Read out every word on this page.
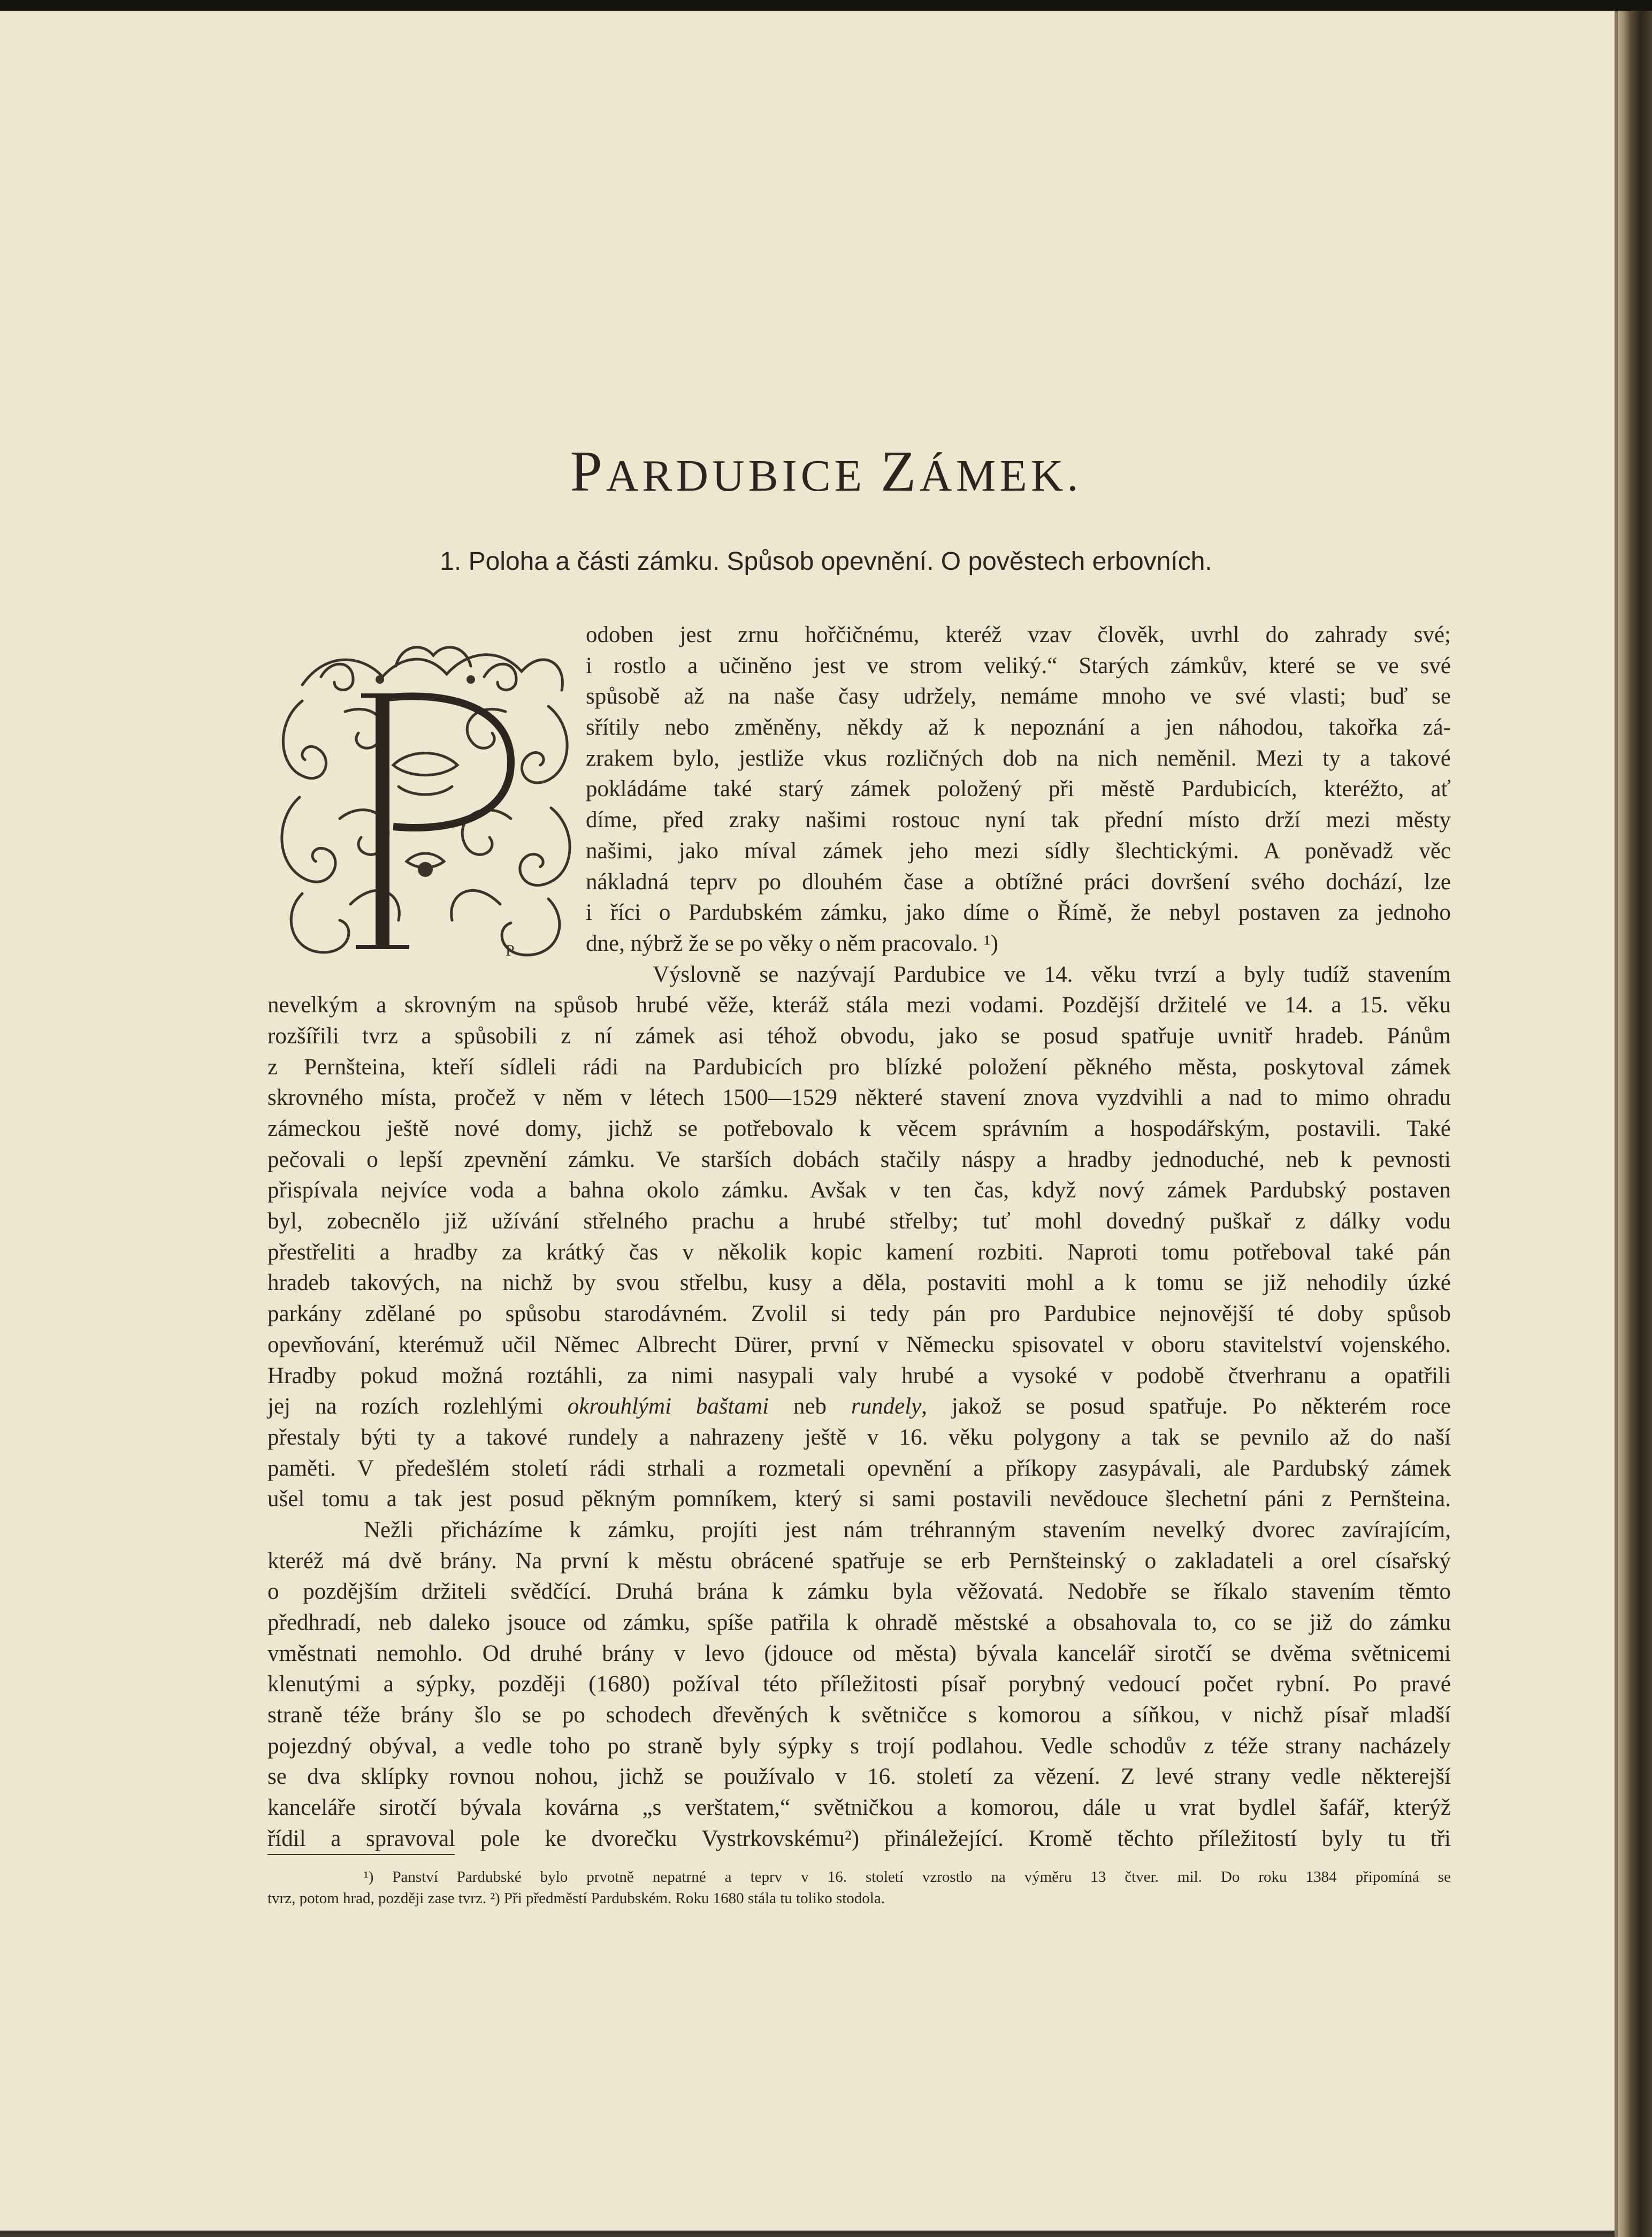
PARDUBICE ZÁMEK.
1. Poloha a části zámku. Spůsob opevnění. O pověstech erbovních.
P
odoben jest zrnu hořčičnému, kteréž vzav člověk, uvrhl do zahrady své;
i rostlo a učiněno jest ve strom veliký.“ Starých zámkův, které se ve své
spůsobě až na naše časy udržely, nemáme mnoho ve své vlasti; buď se
sřítily nebo změněny, někdy až k nepoznání a jen náhodou, takořka zá-
zrakem bylo, jestliže vkus rozličných dob na nich neměnil. Mezi ty a takové
pokládáme také starý zámek položený při městě Pardubicích, kteréžto, ať
díme, před zraky našimi rostouc nyní tak přední místo drží mezi městy
našimi, jako míval zámek jeho mezi sídly šlechtickými. A poněvadž věc
nákladná teprv po dlouhém čase a obtížné práci dovršení svého dochází, lze
i říci o Pardubském zámku, jako díme o Římě, že nebyl postaven za jednoho
dne, nýbrž že se po věky o něm pracovalo. ¹)
Výslovně se nazývají Pardubice ve 14. věku tvrzí a byly tudíž stavením
nevelkým a skrovným na spůsob hrubé věže, kteráž stála mezi vodami. Pozdější držitelé ve 14. a 15. věku
rozšířili tvrz a spůsobili z ní zámek asi téhož obvodu, jako se posud spatřuje uvnitř hradeb. Pánům
z Pernšteina, kteří sídleli rádi na Pardubicích pro blízké položení pěkného města, poskytoval zámek
skrovného místa, pročež v něm v létech 1500—1529 některé stavení znova vyzdvihli a nad to mimo ohradu
zámeckou ještě nové domy, jichž se potřebovalo k věcem správním a hospodářským, postavili. Také
pečovali o lepší zpevnění zámku. Ve starších dobách stačily náspy a hradby jednoduché, neb k pevnosti
přispívala nejvíce voda a bahna okolo zámku. Avšak v ten čas, když nový zámek Pardubský postaven
byl, zobecnělo již užívání střelného prachu a hrubé střelby; tuť mohl dovedný puškař z dálky vodu
přestřeliti a hradby za krátký čas v několik kopic kamení rozbiti. Naproti tomu potřeboval také pán
hradeb takových, na nichž by svou střelbu, kusy a děla, postaviti mohl a k tomu se již nehodily úzké
parkány zdělané po spůsobu starodávném. Zvolil si tedy pán pro Pardubice nejnovější té doby spůsob
opevňování, kterémuž učil Němec Albrecht Dürer, první v Německu spisovatel v oboru stavitelství vojenského.
Hradby pokud možná roztáhli, za nimi nasypali valy hrubé a vysoké v podobě čtverhranu a opatřili
jej na rozích rozlehlými okrouhlými baštami neb rundely, jakož se posud spatřuje. Po některém roce
přestaly býti ty a takové rundely a nahrazeny ještě v 16. věku polygony a tak se pevnilo až do naší
paměti. V předešlém století rádi strhali a rozmetali opevnění a příkopy zasypávali, ale Pardubský zámek
ušel tomu a tak jest posud pěkným pomníkem, který si sami postavili nevědouce šlechetní páni z Pernšteina.
Nežli přicházíme k zámku, projíti jest nám tréhranným stavením nevelký dvorec zavírajícím,
kteréž má dvě brány. Na první k městu obrácené spatřuje se erb Pernšteinský o zakladateli a orel císařský
o pozdějším držiteli svědčící. Druhá brána k zámku byla věžovatá. Nedobře se říkalo stavením těmto
předhradí, neb daleko jsouce od zámku, spíše patřila k ohradě městské a obsahovala to, co se již do zámku
vměstnati nemohlo. Od druhé brány v levo (jdouce od města) bývala kancelář sirotčí se dvěma světnicemi
klenutými a sýpky, později (1680) požíval této příležitosti písař porybný vedoucí počet rybní. Po pravé
straně téže brány šlo se po schodech dřevěných k světničce s komorou a síňkou, v nichž písař mladší
pojezdný obýval, a vedle toho po straně byly sýpky s trojí podlahou. Vedle schodův z téže strany nacházely
se dva sklípky rovnou nohou, jichž se používalo v 16. století za vězení. Z levé strany vedle některejší
kanceláře sirotčí bývala kovárna „s verštatem,“ světničkou a komorou, dále u vrat bydlel šafář, kterýž
řídil a spravoval pole ke dvorečku Vystrkovskému²) přináležející. Kromě těchto příležitostí byly tu tři
¹) Panství Pardubské bylo prvotně nepatrné a teprv v 16. století vzrostlo na výměru 13 čtver. mil. Do roku 1384 připomíná se
tvrz, potom hrad, později zase tvrz. ²) Při předměstí Pardubském. Roku 1680 stála tu toliko stodola.
